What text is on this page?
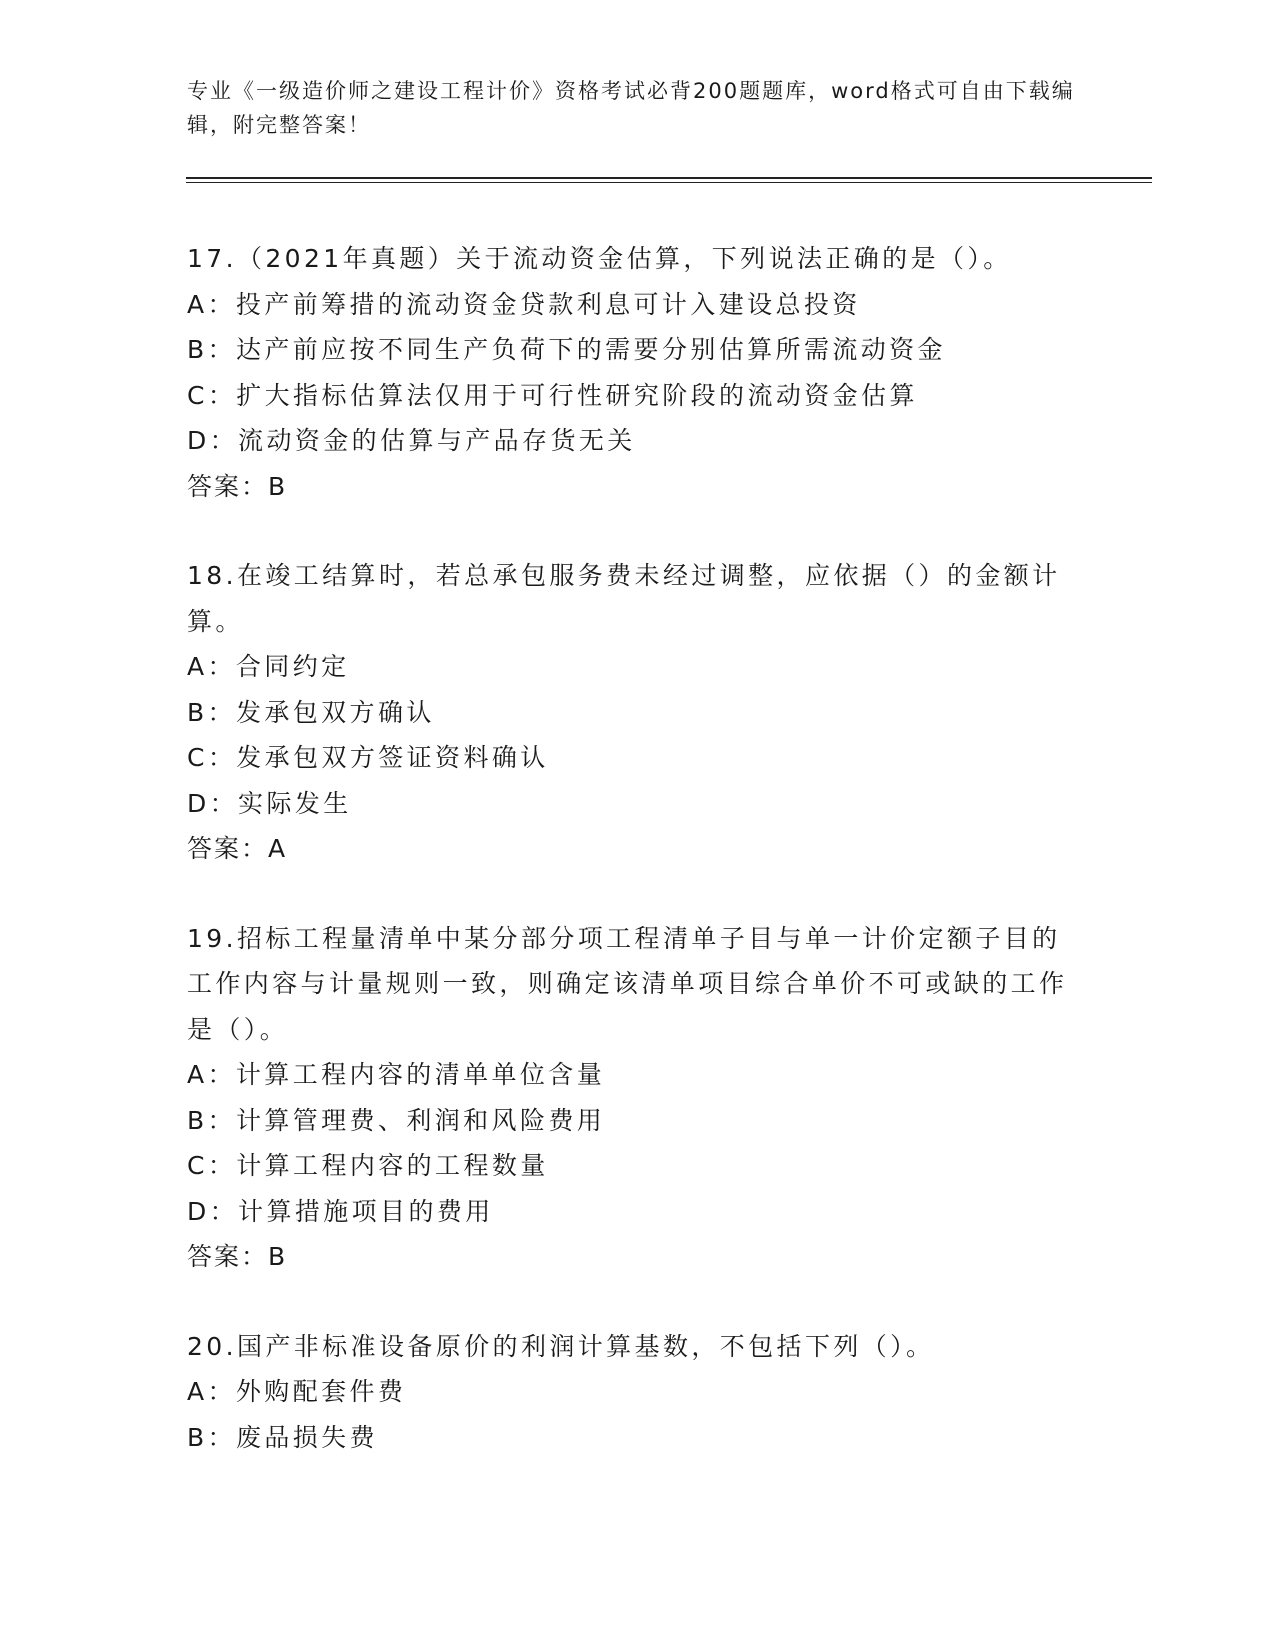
专业《一级造价师之建设工程计价》资格考试必背200题题库，word格式可自由下载编辑，附完整答案！

17.（2021年真题）关于流动资金估算，下列说法正确的是（）。

A：投产前筹措的流动资金贷款利息可计入建设总投资

B：达产前应按不同生产负荷下的需要分别估算所需流动资金

C：扩大指标估算法仅用于可行性研究阶段的流动资金估算

D：流动资金的估算与产品存货无关

答案：B

18.在竣工结算时，若总承包服务费未经过调整，应依据（）的金额计算。

A：合同约定

B：发承包双方确认

C：发承包双方签证资料确认

D：实际发生

答案：A

19.招标工程量清单中某分部分项工程清单子目与单一计价定额子目的工作内容与计量规则一致，则确定该清单项目综合单价不可或缺的工作是（）。

A：计算工程内容的清单单位含量

B：计算管理费、利润和风险费用

C：计算工程内容的工程数量

D：计算措施项目的费用

答案：B

20.国产非标准设备原价的利润计算基数，不包括下列（）。

A：外购配套件费

B：废品损失费
